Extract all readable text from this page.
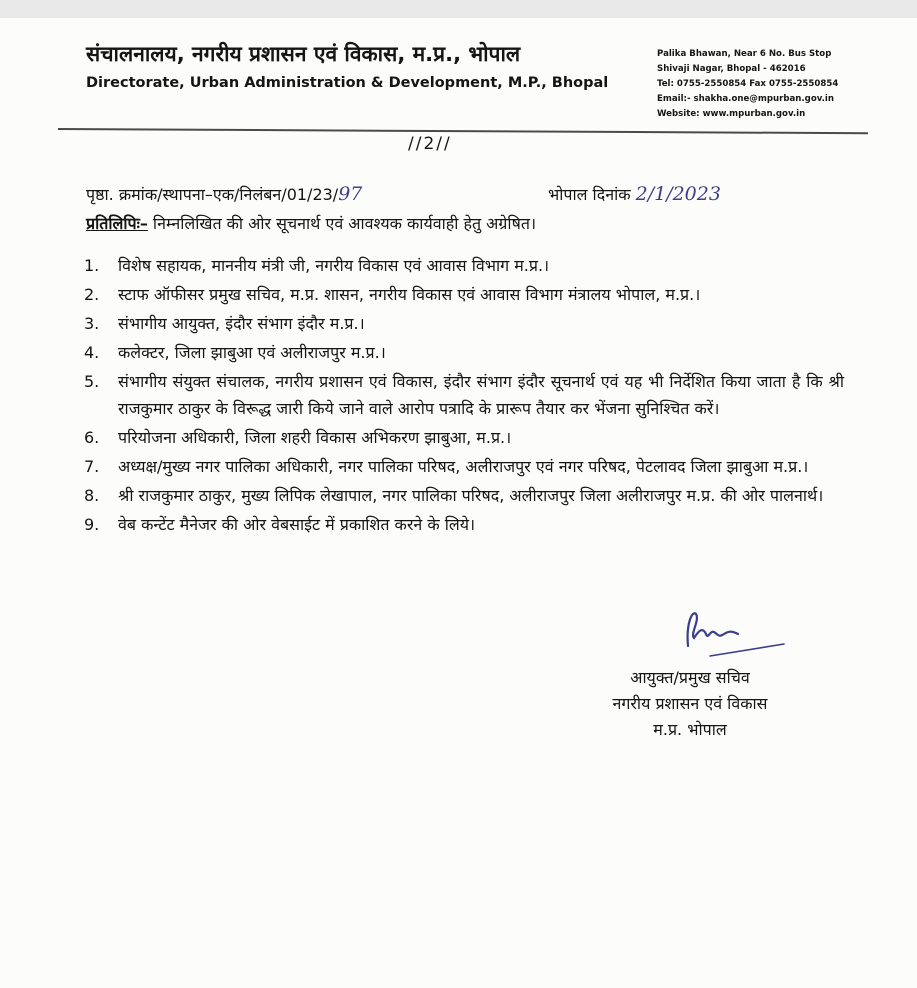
संचालनालय, नगरीय प्रशासन एवं विकास, म.प्र., भोपाल
Directorate, Urban Administration & Development, M.P., Bhopal
Palika Bhawan, Near 6 No. Bus Stop
Shivaji Nagar, Bhopal - 462016
Tel: 0755-2550854 Fax 0755-2550854
Email:- shakha.one@mpurban.gov.in
Website: www.mpurban.gov.in
//2//
पृष्ठा. क्रमांक/स्थापना–एक/निलंबन/01/23/97	भोपाल दिनांक 2/1/2023
प्रतिलिपिः– निम्नलिखित की ओर सूचनार्थ एवं आवश्यक कार्यवाही हेतु अग्रेषित।
1.	विशेष सहायक, माननीय मंत्री जी, नगरीय विकास एवं आवास विभाग म.प्र.।
2.	स्टाफ ऑफीसर प्रमुख सचिव, म.प्र. शासन, नगरीय विकास एवं आवास विभाग मंत्रालय भोपाल, म.प्र.।
3.	संभागीय आयुक्त, इंदौर संभाग इंदौर म.प्र.।
4.	कलेक्टर, जिला झाबुआ एवं अलीराजपुर म.प्र.।
5.	संभागीय संयुक्त संचालक, नगरीय प्रशासन एवं विकास, इंदौर संभाग इंदौर सूचनार्थ एवं यह भी निर्देशित किया जाता है कि श्री राजकुमार ठाकुर के विरूद्ध जारी किये जाने वाले आरोप पत्रादि के प्रारूप तैयार कर भेंजना सुनिश्चित करें।
6.	परियोजना अधिकारी, जिला शहरी विकास अभिकरण झाबुआ, म.प्र.।
7.	अध्यक्ष/मुख्य नगर पालिका अधिकारी, नगर पालिका परिषद, अलीराजपुर एवं नगर परिषद, पेटलावद जिला झाबुआ म.प्र.।
8.	श्री राजकुमार ठाकुर, मुख्य लिपिक लेखापाल, नगर पालिका परिषद, अलीराजपुर जिला अलीराजपुर म.प्र. की ओर पालनार्थ।
9.	वेब कन्टेंट मैनेजर की ओर वेबसाईट में प्रकाशित करने के लिये।
आयुक्त/प्रमुख सचिव
नगरीय प्रशासन एवं विकास
म.प्र. भोपाल
